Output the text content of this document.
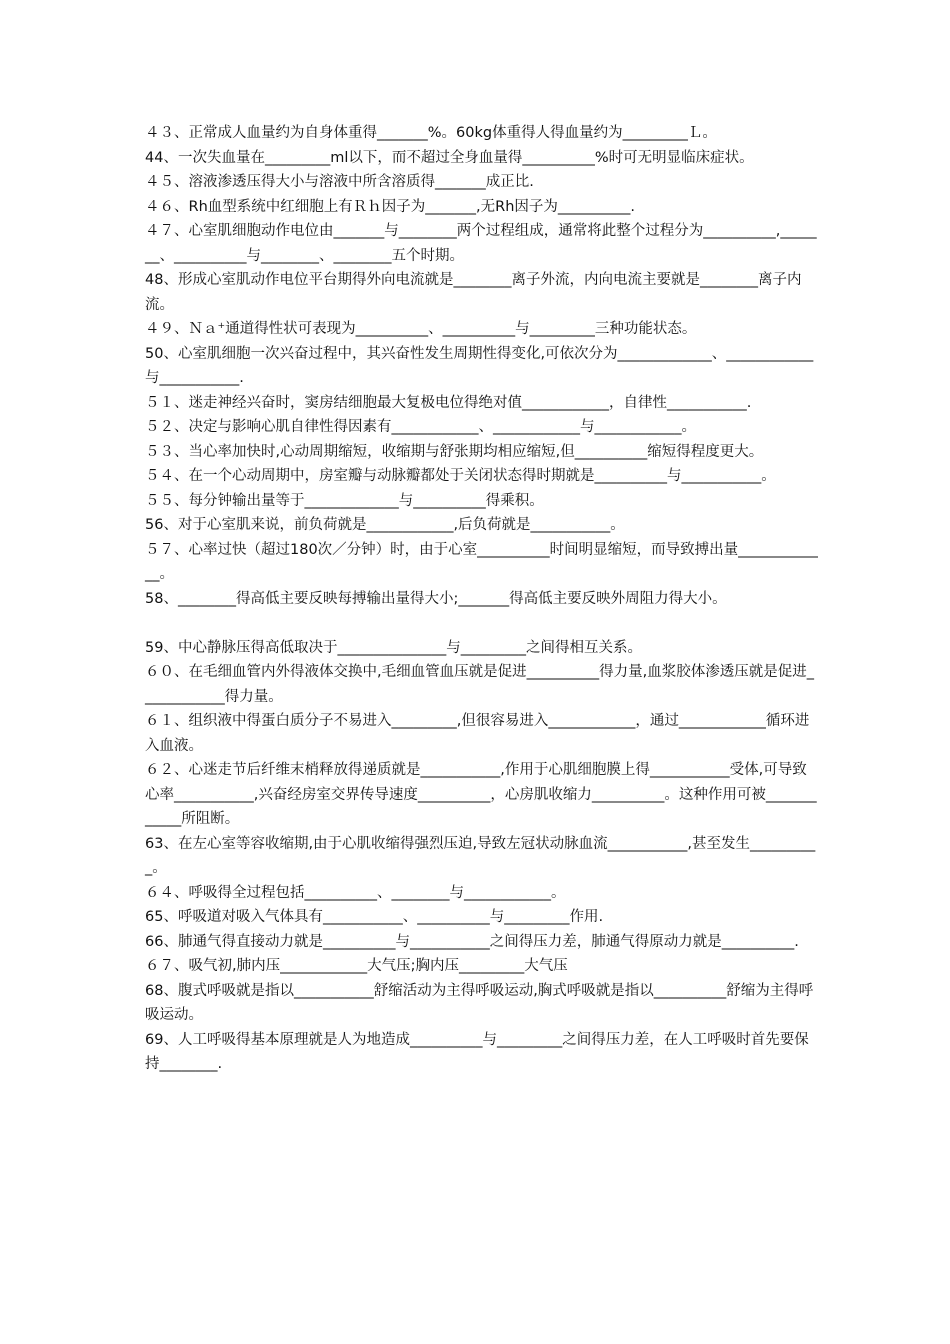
４３、正常成人血量约为自身体重得_______%。60kg体重得人得血量约为_________Ｌ。

44、一次失血量在_________ml以下，而不超过全身血量得__________%时可无明显临床症状。

４５、溶液渗透压得大小与溶液中所含溶质得_______成正比.

４６、Rh血型系统中红细胞上有Ｒｈ因子为_______,无Rh因子为__________.

４７、心室肌细胞动作电位由_______与________两个过程组成，通常将此整个过程分为__________,_______、__________与________、________五个时期。

48、形成心室肌动作电位平台期得外向电流就是________离子外流，内向电流主要就是________离子内流。

４９、Ｎａ⁺通道得性状可表现为__________、__________与_________三种功能状态。

50、心室肌细胞一次兴奋过程中，其兴奋性发生周期性得变化,可依次分为_____________、____________与___________.

５１、迷走神经兴奋时，窦房结细胞最大复极电位得绝对值____________，自律性___________.

５２、决定与影响心肌自律性得因素有____________、____________与____________。

５３、当心率加快时,心动周期缩短，收缩期与舒张期均相应缩短,但__________缩短得程度更大。

５４、在一个心动周期中，房室瓣与动脉瓣都处于关闭状态得时期就是__________与___________。

５５、每分钟输出量等于_____________与__________得乘积。

56、对于心室肌来说，前负荷就是____________,后负荷就是___________。

５７、心率过快（超过180次／分钟）时，由于心室__________时间明显缩短，而导致搏出量_____________。

58、________得高低主要反映每搏输出量得大小;_______得高低主要反映外周阻力得大小。

59、中心静脉压得高低取决于_______________与_________之间得相互关系。

６０、在毛细血管内外得液体交换中,毛细血管血压就是促进__________得力量,血浆胶体渗透压就是促进____________得力量。

６１、组织液中得蛋白质分子不易进入_________,但很容易进入____________，通过____________循环进入血液。

６２、心迷走节后纤维末梢释放得递质就是___________,作用于心肌细胞膜上得___________受体,可导致心率___________,兴奋经房室交界传导速度__________，心房肌收缩力__________。这种作用可被____________所阻断。

63、在左心室等容收缩期,由于心肌收缩得强烈压迫,导致左冠状动脉血流___________,甚至发生__________。

６４、呼吸得全过程包括__________、________与____________。

65、呼吸道对吸入气体具有___________、__________与_________作用.

66、肺通气得直接动力就是__________与___________之间得压力差，肺通气得原动力就是__________.

６７、吸气初,肺内压____________大气压;胸内压_________大气压

68、腹式呼吸就是指以___________舒缩活动为主得呼吸运动,胸式呼吸就是指以__________舒缩为主得呼吸运动。

69、人工呼吸得基本原理就是人为地造成__________与_________之间得压力差，在人工呼吸时首先要保持________.
